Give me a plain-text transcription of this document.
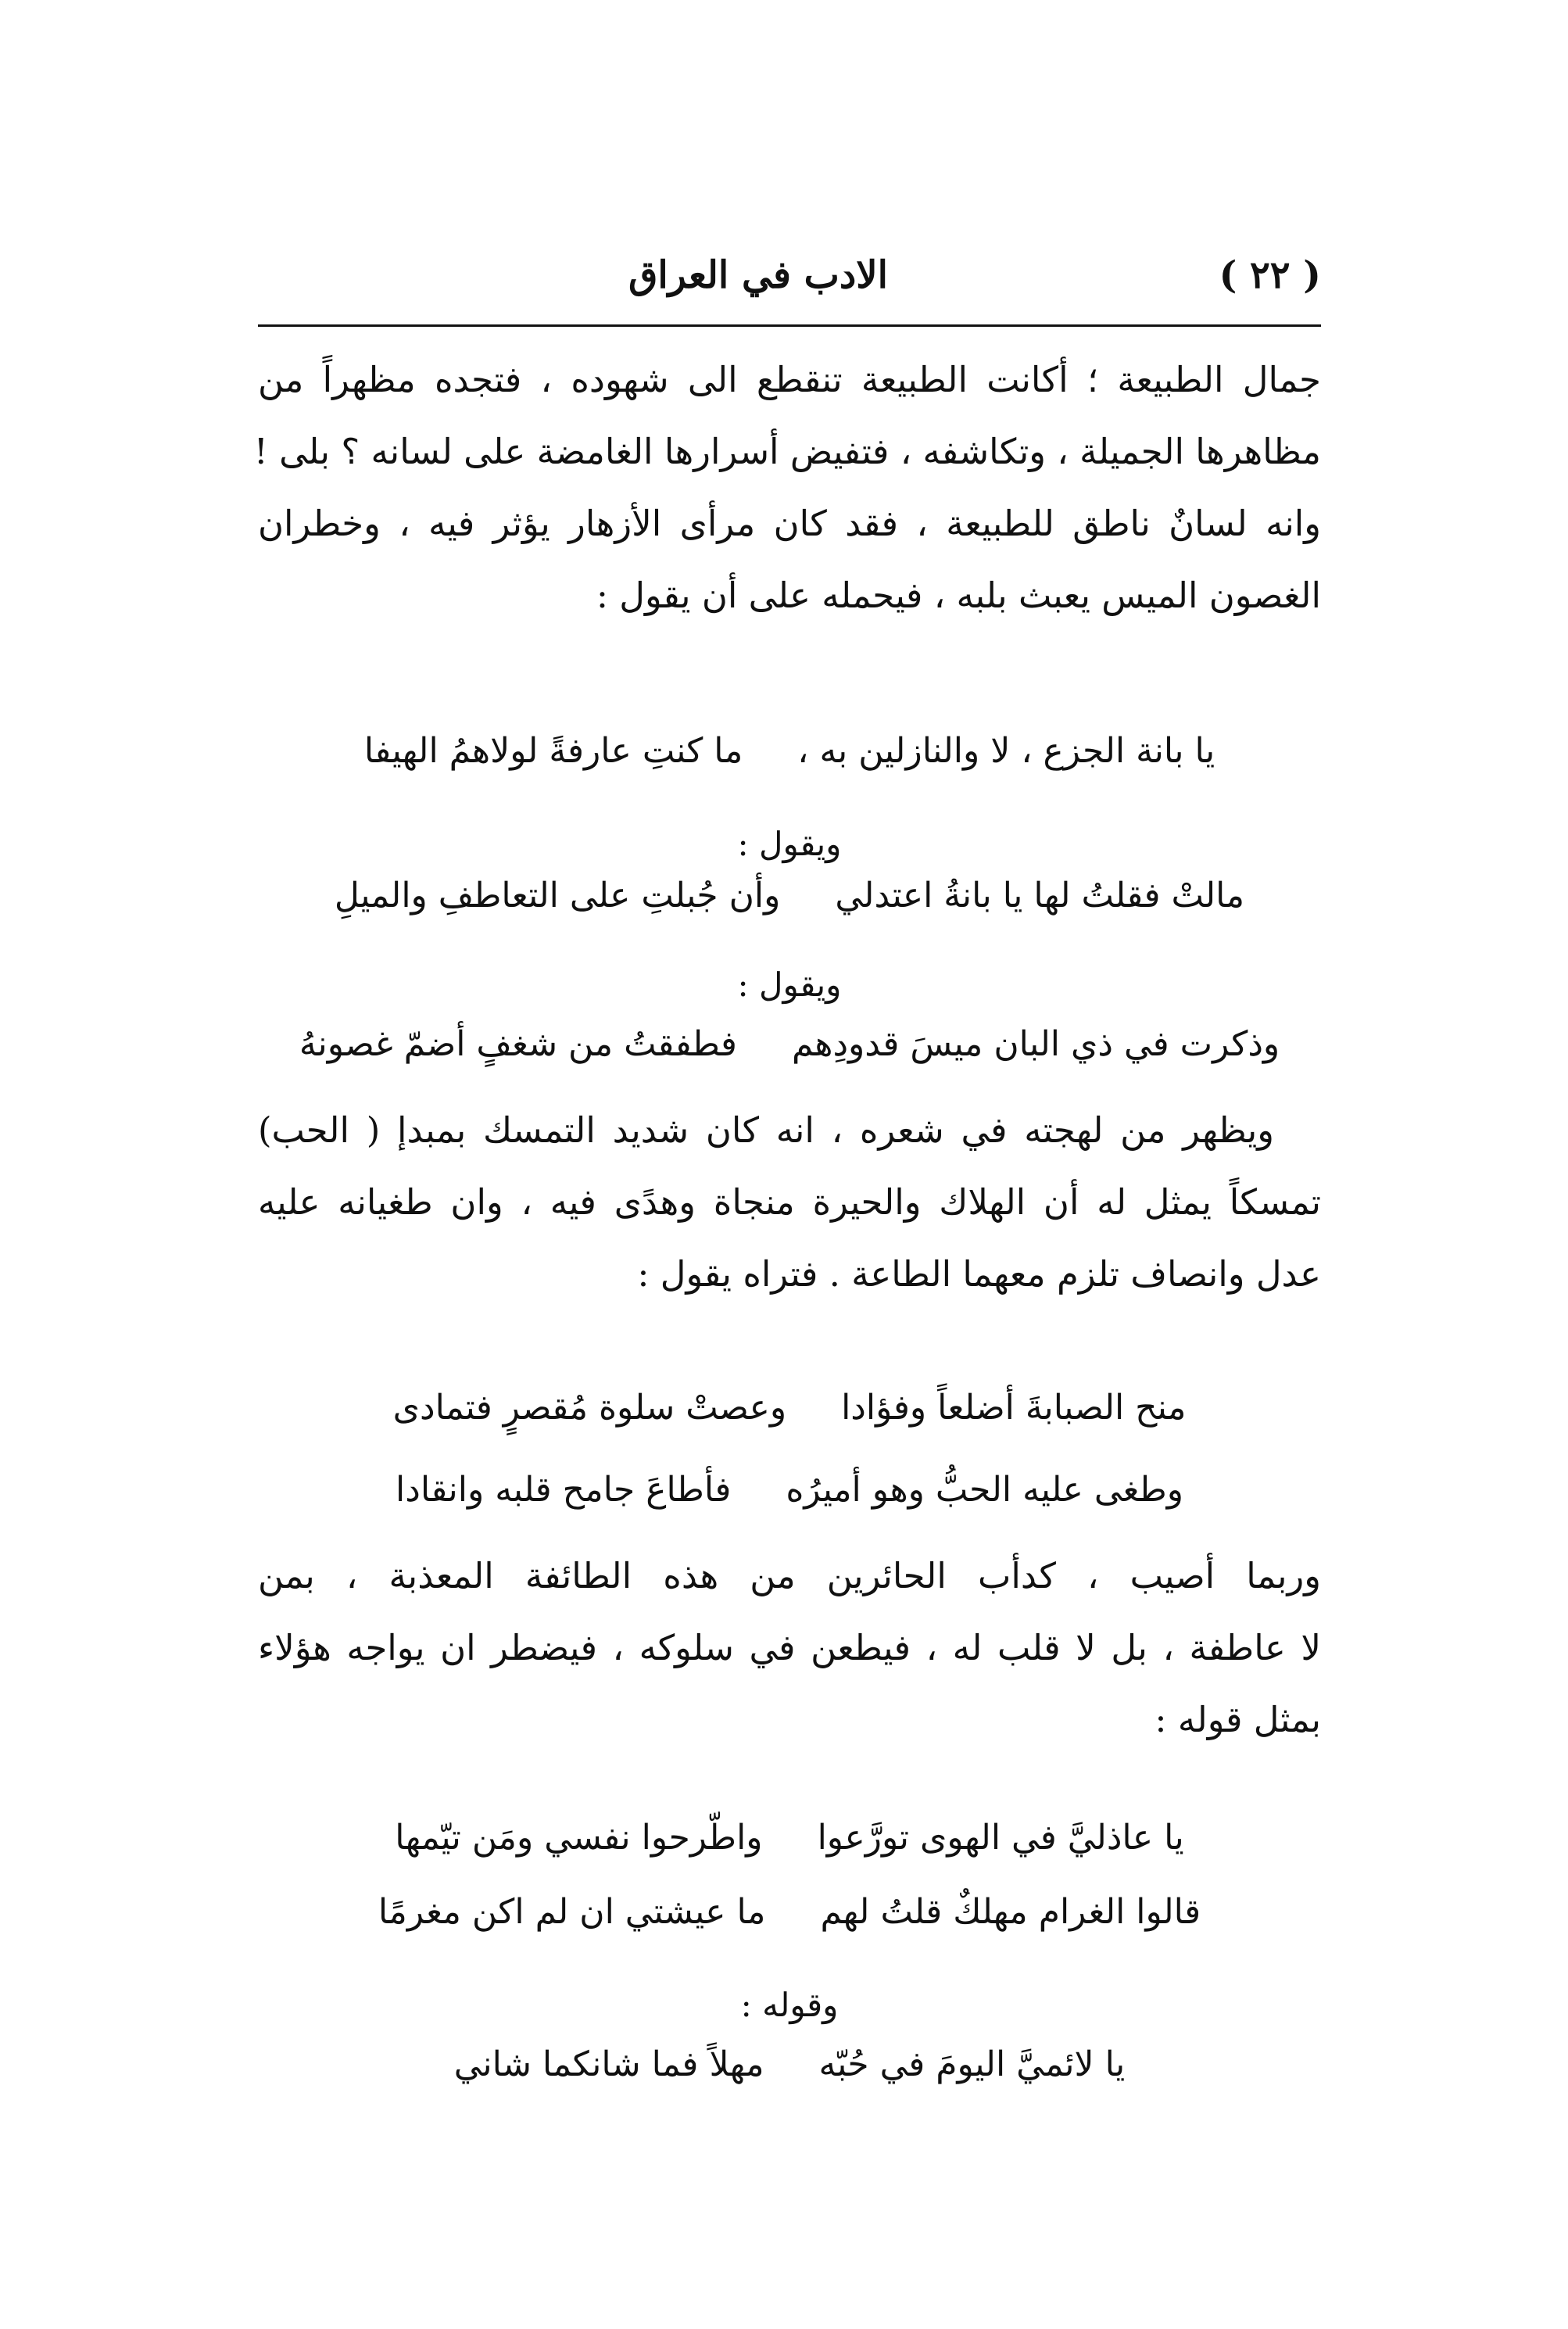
( ٢٢ )
الادب في العراق
جمال الطبيعة ؛ أكانت الطبيعة تنقطع الى شهوده ، فتجده مظهراً من
مظاهرها الجميلة ، وتكاشفه ، فتفيض أسرارها الغامضة على لسانه ؟ بلى !
وانه لسانٌ ناطق للطبيعة ، فقد كان مرأى الأزهار يؤثر فيه ، وخطران
الغصون الميس يعبث بلبه ، فيحمله على أن يقول :
يا بانة الجزع ، لا والنازلين به ،
ما كنتِ عارفةً لولاهمُ الهيفا
ويقول :
مالتْ فقلتُ لها يا بانةُ اعتدلي
وأن جُبلتِ على التعاطفِ والميلِ
ويقول :
وذكرت في ذي البان ميسَ قدودِهم
فطفقتُ من شغفٍ أضمّ غصونهُ
ويظهر من لهجته في شعره ، انه كان شديد التمسك بمبدإ ( الحب)
تمسكاً يمثل له أن الهلاك والحيرة منجاة وهدًى فيه ، وان طغيانه عليه
عدل وانصاف تلزم معهما الطاعة . فتراه يقول :
منح الصبابةَ أضلعاً وفؤادا
وعصتْ سلوة مُقصرٍ فتمادى
وطغى عليه الحبُّ وهو أميرُه
فأطاعَ جامح قلبه وانقادا
وربما أصيب ، كدأب الحائرين من هذه الطائفة المعذبة ، بمن
لا عاطفة ، بل لا قلب له ، فيطعن في سلوكه ، فيضطر ان يواجه هؤلاء
بمثل قوله :
يا عاذليَّ في الهوى تورَّعوا
واطّرحوا نفسي ومَن تيّمها
قالوا الغرام مهلكٌ قلتُ لهم
ما عيشتي ان لم اكن مغرمًا
وقوله :
يا لائميَّ اليومَ في حُبّه
مهلاً فما شانكما شاني
